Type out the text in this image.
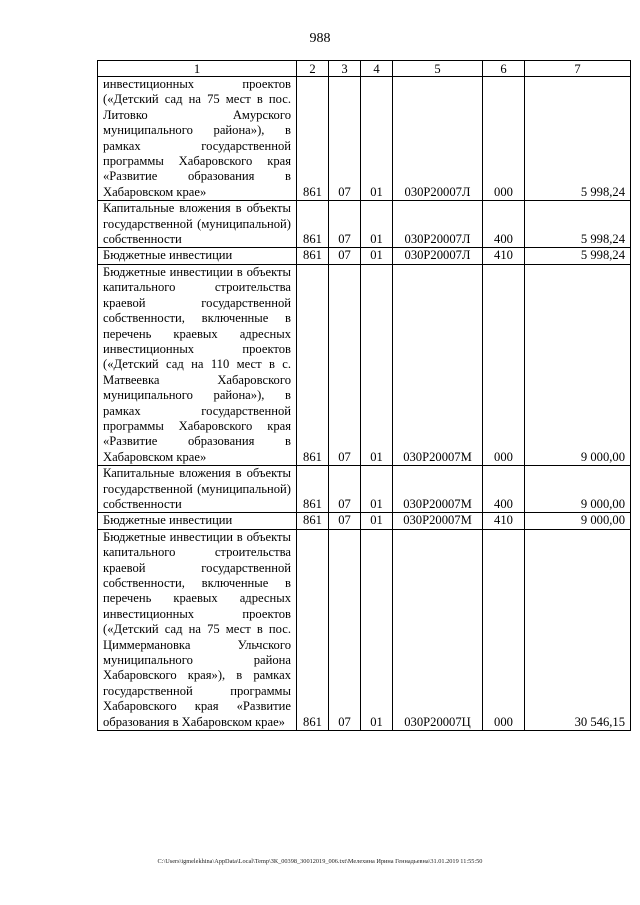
988
1	2	3	4	5	6	7
инвестиционных проектов («Детский сад на 75 мест в пос. Литовко Амурского муниципального района»), в рамках государственной программы Хабаровского края «Развитие образования в Хабаровском крае»	861	07	01	030Р20007Л	000	5 998,24
Капитальные вложения в объекты государственной (муниципальной) собственности	861	07	01	030Р20007Л	400	5 998,24
Бюджетные инвестиции	861	07	01	030Р20007Л	410	5 998,24
Бюджетные инвестиции в объекты капитального строительства краевой государственной собственности, включенные в перечень краевых адресных инвестиционных проектов («Детский сад на 110 мест в с. Матвеевка Хабаровского муниципального района»), в рамках государственной программы Хабаровского края «Развитие образования в Хабаровском крае»	861	07	01	030Р20007М	000	9 000,00
Капитальные вложения в объекты государственной (муниципальной) собственности	861	07	01	030Р20007М	400	9 000,00
Бюджетные инвестиции	861	07	01	030Р20007М	410	9 000,00
Бюджетные инвестиции в объекты капитального строительства краевой государственной собственности, включенные в перечень краевых адресных инвестиционных проектов («Детский сад на 75 мест в пос. Циммермановка Ульчского муниципального района Хабаровского края»), в рамках государственной программы Хабаровского края «Развитие образования в Хабаровском крае»	861	07	01	030Р20007Ц	000	30 546,15
C:\Users\igmelekhina\AppData\Local\Temp\ЗК_00398_30012019_006.txt\Мелехина Ирина Геннадьевна\31.01.2019 11:55:50
